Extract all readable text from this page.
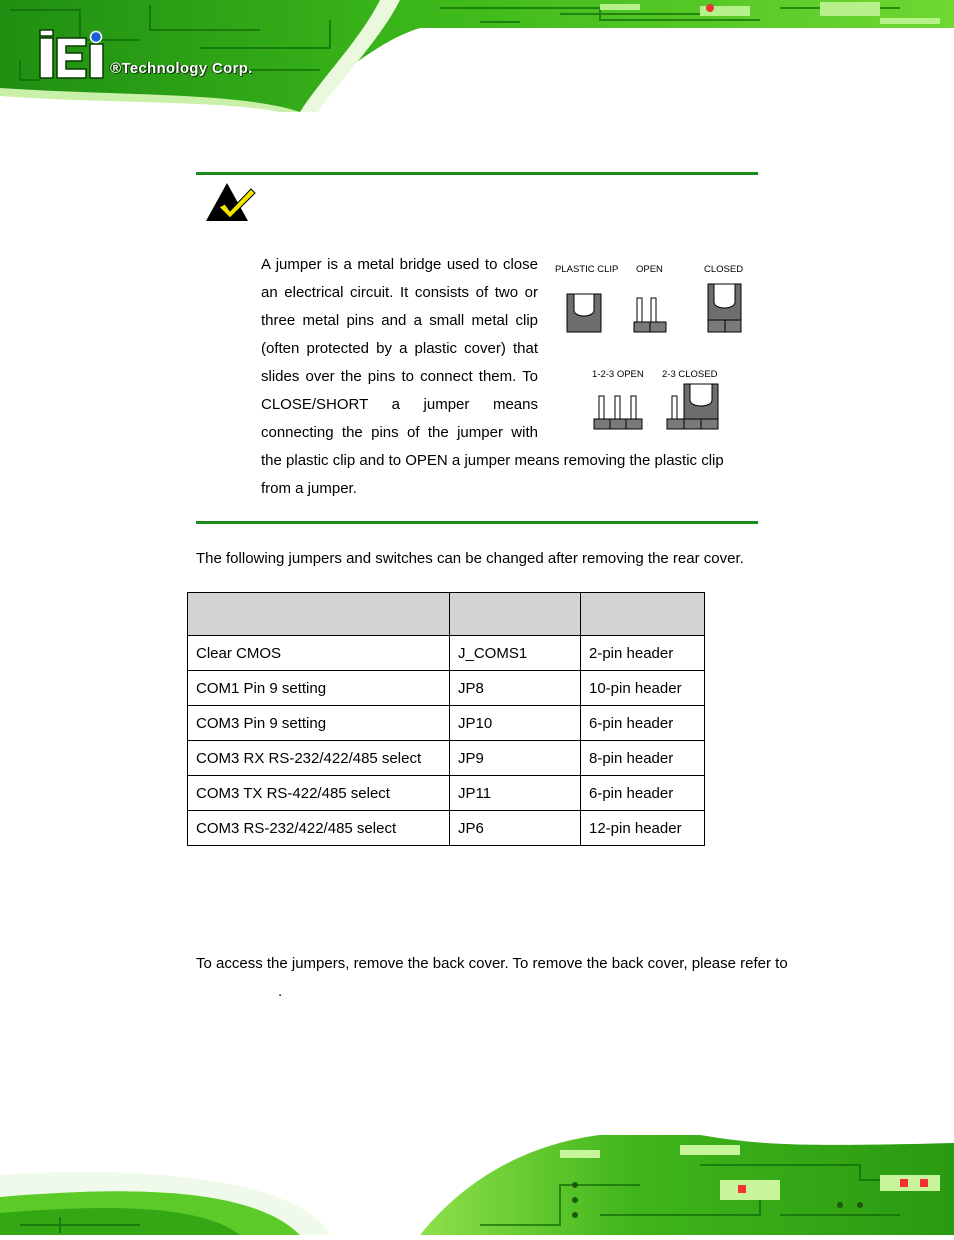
®Technology Corp.
A jumper is a metal bridge used to close
an electrical circuit. It consists of two or
three metal pins and a small metal clip
(often protected by a plastic cover) that
slides over the pins to connect them. To
CLOSE/SHORT a jumper means
connecting the pins of the jumper with
the plastic clip and to OPEN a jumper means removing the plastic clip
from a jumper.
PLASTIC CLIP OPEN	CLOSED
1-2-3 OPEN 2-3 CLOSED
The following jumpers and switches can be changed after removing the rear cover.

Clear CMOS	J_COMS1	2-pin header
COM1 Pin 9 setting	JP8	10-pin header
COM3 Pin 9 setting	JP10	6-pin header
COM3 RX RS-232/422/485 select	JP9	8-pin header
COM3 TX RS-422/485 select	JP11	6-pin header
COM3 RS-232/422/485 select	JP6	12-pin header
To access the jumpers, remove the back cover. To remove the back cover, please refer to
.
